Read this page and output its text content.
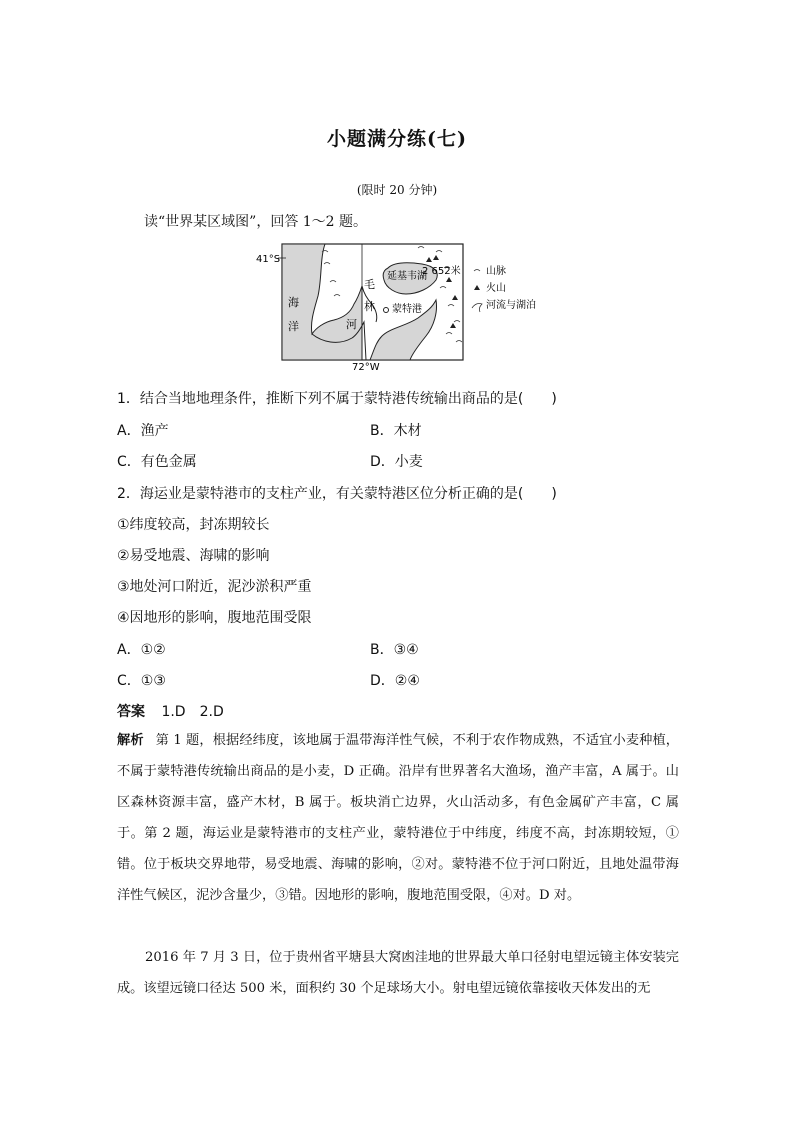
小题满分练(七)
(限时 20 分钟)
读“世界某区域图”，回答 1～2 题。
41°S
72°W
海
洋
毛
林
河
延基韦湖
2 652米
蒙特港
山脉
火山
河流与湖泊
1．结合当地地理条件，推断下列不属于蒙特港传统输出商品的是(　　)
A．渔产	B．木材
C．有色金属	D．小麦
2．海运业是蒙特港市的支柱产业，有关蒙特港区位分析正确的是(　　)
①纬度较高，封冻期较长
②易受地震、海啸的影响
③地处河口附近，泥沙淤积严重
④因地形的影响，腹地范围受限
A．①②	B．③④
C．①③	D．②④
答案 1.D　2.D
解析 第 1 题，根据经纬度，该地属于温带海洋性气候，不利于农作物成熟，不适宜小麦种植，不属于蒙特港传统输出商品的是小麦，D 正确。沿岸有世界著名大渔场，渔产丰富，A 属于。山区森林资源丰富，盛产木材，B 属于。板块消亡边界，火山活动多，有色金属矿产丰富，C 属于。第 2 题，海运业是蒙特港市的支柱产业，蒙特港位于中纬度，纬度不高，封冻期较短，①错。位于板块交界地带，易受地震、海啸的影响，②对。蒙特港不位于河口附近，且地处温带海洋性气候区，泥沙含量少，③错。因地形的影响，腹地范围受限，④对。D 对。
2016 年 7 月 3 日，位于贵州省平塘县大窝凼洼地的世界最大单口径射电望远镜主体安装完成。该望远镜口径达 500 米，面积约 30 个足球场大小。射电望远镜依靠接收天体发出的无
